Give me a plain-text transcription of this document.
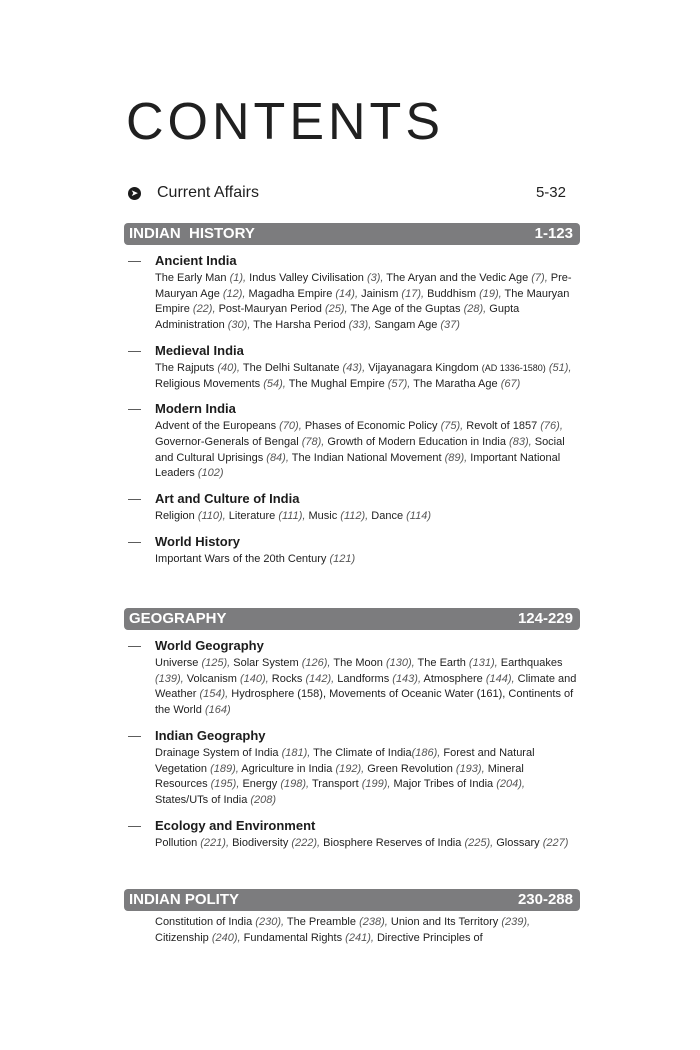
CONTENTS
➤ Current Affairs	5-32
INDIAN  HISTORY	1-123
— Ancient India
The Early Man (1), Indus Valley Civilisation (3), The Aryan and the Vedic Age (7), Pre-Mauryan Age (12), Magadha Empire (14), Jainism (17), Buddhism (19), The Mauryan Empire (22), Post-Mauryan Period (25), The Age of the Guptas (28), Gupta Administration (30), The Harsha Period (33), Sangam Age (37)
— Medieval India
The Rajputs (40), The Delhi Sultanate (43), Vijayanagara Kingdom (AD 1336-1580) (51), Religious Movements (54), The Mughal Empire (57), The Maratha Age (67)
— Modern India
Advent of the Europeans (70), Phases of Economic Policy (75), Revolt of 1857 (76), Governor-Generals of Bengal (78), Growth of Modern Education in India (83), Social and Cultural Uprisings (84), The Indian National Movement (89), Important National Leaders (102)
— Art and Culture of India
Religion (110), Literature (111), Music (112), Dance (114)
— World History
Important Wars of the 20th Century (121)
GEOGRAPHY	124-229
— World Geography
Universe (125), Solar System (126), The Moon (130), The Earth (131), Earthquakes (139), Volcanism (140), Rocks (142), Landforms (143), Atmosphere (144), Climate and Weather (154), Hydrosphere (158), Movements of Oceanic Water (161), Continents of the World (164)
— Indian Geography
Drainage System of India (181), The Climate of India(186), Forest and Natural Vegetation (189), Agriculture in India (192), Green Revolution (193), Mineral Resources (195), Energy (198), Transport (199), Major Tribes of India (204), States/UTs of India (208)
— Ecology and Environment
Pollution (221), Biodiversity (222), Biosphere Reserves of India (225), Glossary (227)
INDIAN POLITY	230-288
Constitution of India (230), The Preamble (238), Union and Its Territory (239), Citizenship (240), Fundamental Rights (241), Directive Principles of
